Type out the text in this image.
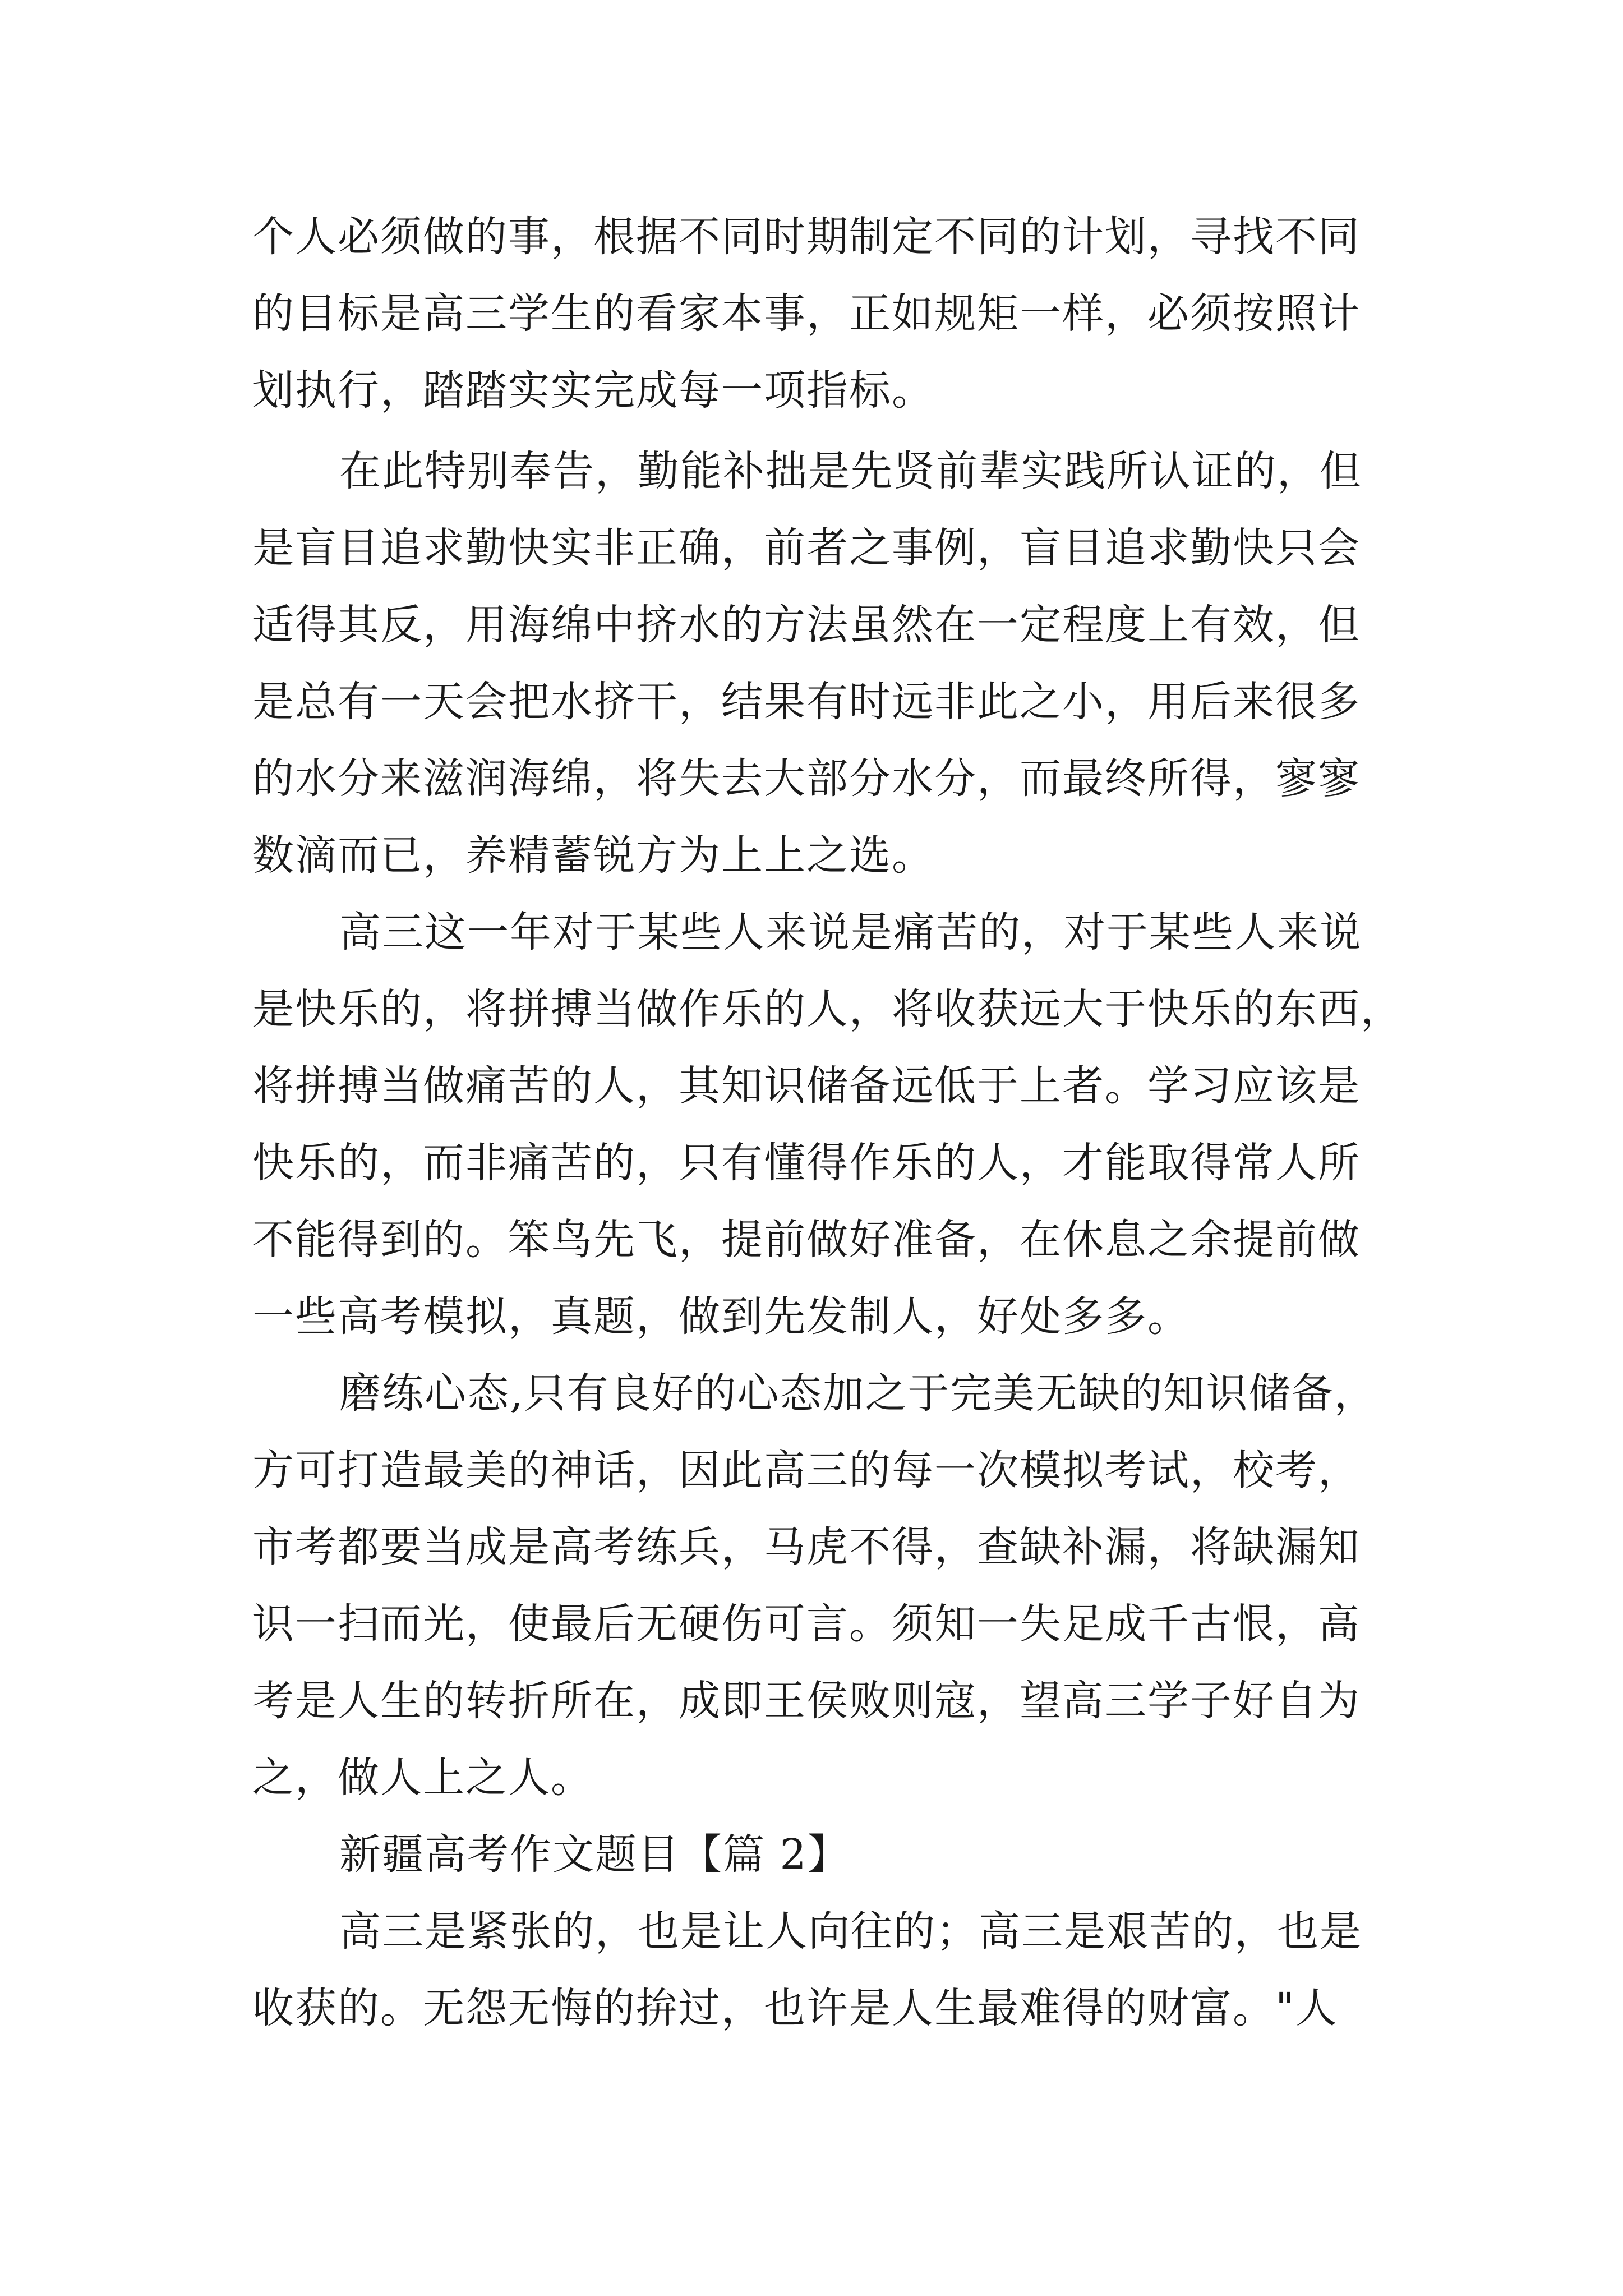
个人必须做的事，根据不同时期制定不同的计划，寻找不同
的目标是高三学生的看家本事，正如规矩一样，必须按照计
划执行，踏踏实实完成每一项指标。
在此特别奉告，勤能补拙是先贤前辈实践所认证的，但
是盲目追求勤快实非正确，前者之事例，盲目追求勤快只会
适得其反，用海绵中挤水的方法虽然在一定程度上有效，但
是总有一天会把水挤干，结果有时远非此之小，用后来很多
的水分来滋润海绵，将失去大部分水分，而最终所得，寥寥
数滴而已，养精蓄锐方为上上之选。
高三这一年对于某些人来说是痛苦的，对于某些人来说
是快乐的，将拼搏当做作乐的人，将收获远大于快乐的东西，
将拼搏当做痛苦的人，其知识储备远低于上者。学习应该是
快乐的，而非痛苦的，只有懂得作乐的人，才能取得常人所
不能得到的。笨鸟先飞，提前做好准备，在休息之余提前做
一些高考模拟，真题，做到先发制人，好处多多。
磨练心态,只有良好的心态加之于完美无缺的知识储备，
方可打造最美的神话，因此高三的每一次模拟考试，校考，
市考都要当成是高考练兵，马虎不得，查缺补漏，将缺漏知
识一扫而光，使最后无硬伤可言。须知一失足成千古恨，高
考是人生的转折所在，成即王侯败则寇，望高三学子好自为
之，做人上之人。
新疆高考作文题目【篇 2】
高三是紧张的，也是让人向往的；高三是艰苦的，也是
收获的。无怨无悔的拚过，也许是人生最难得的财富。"人
